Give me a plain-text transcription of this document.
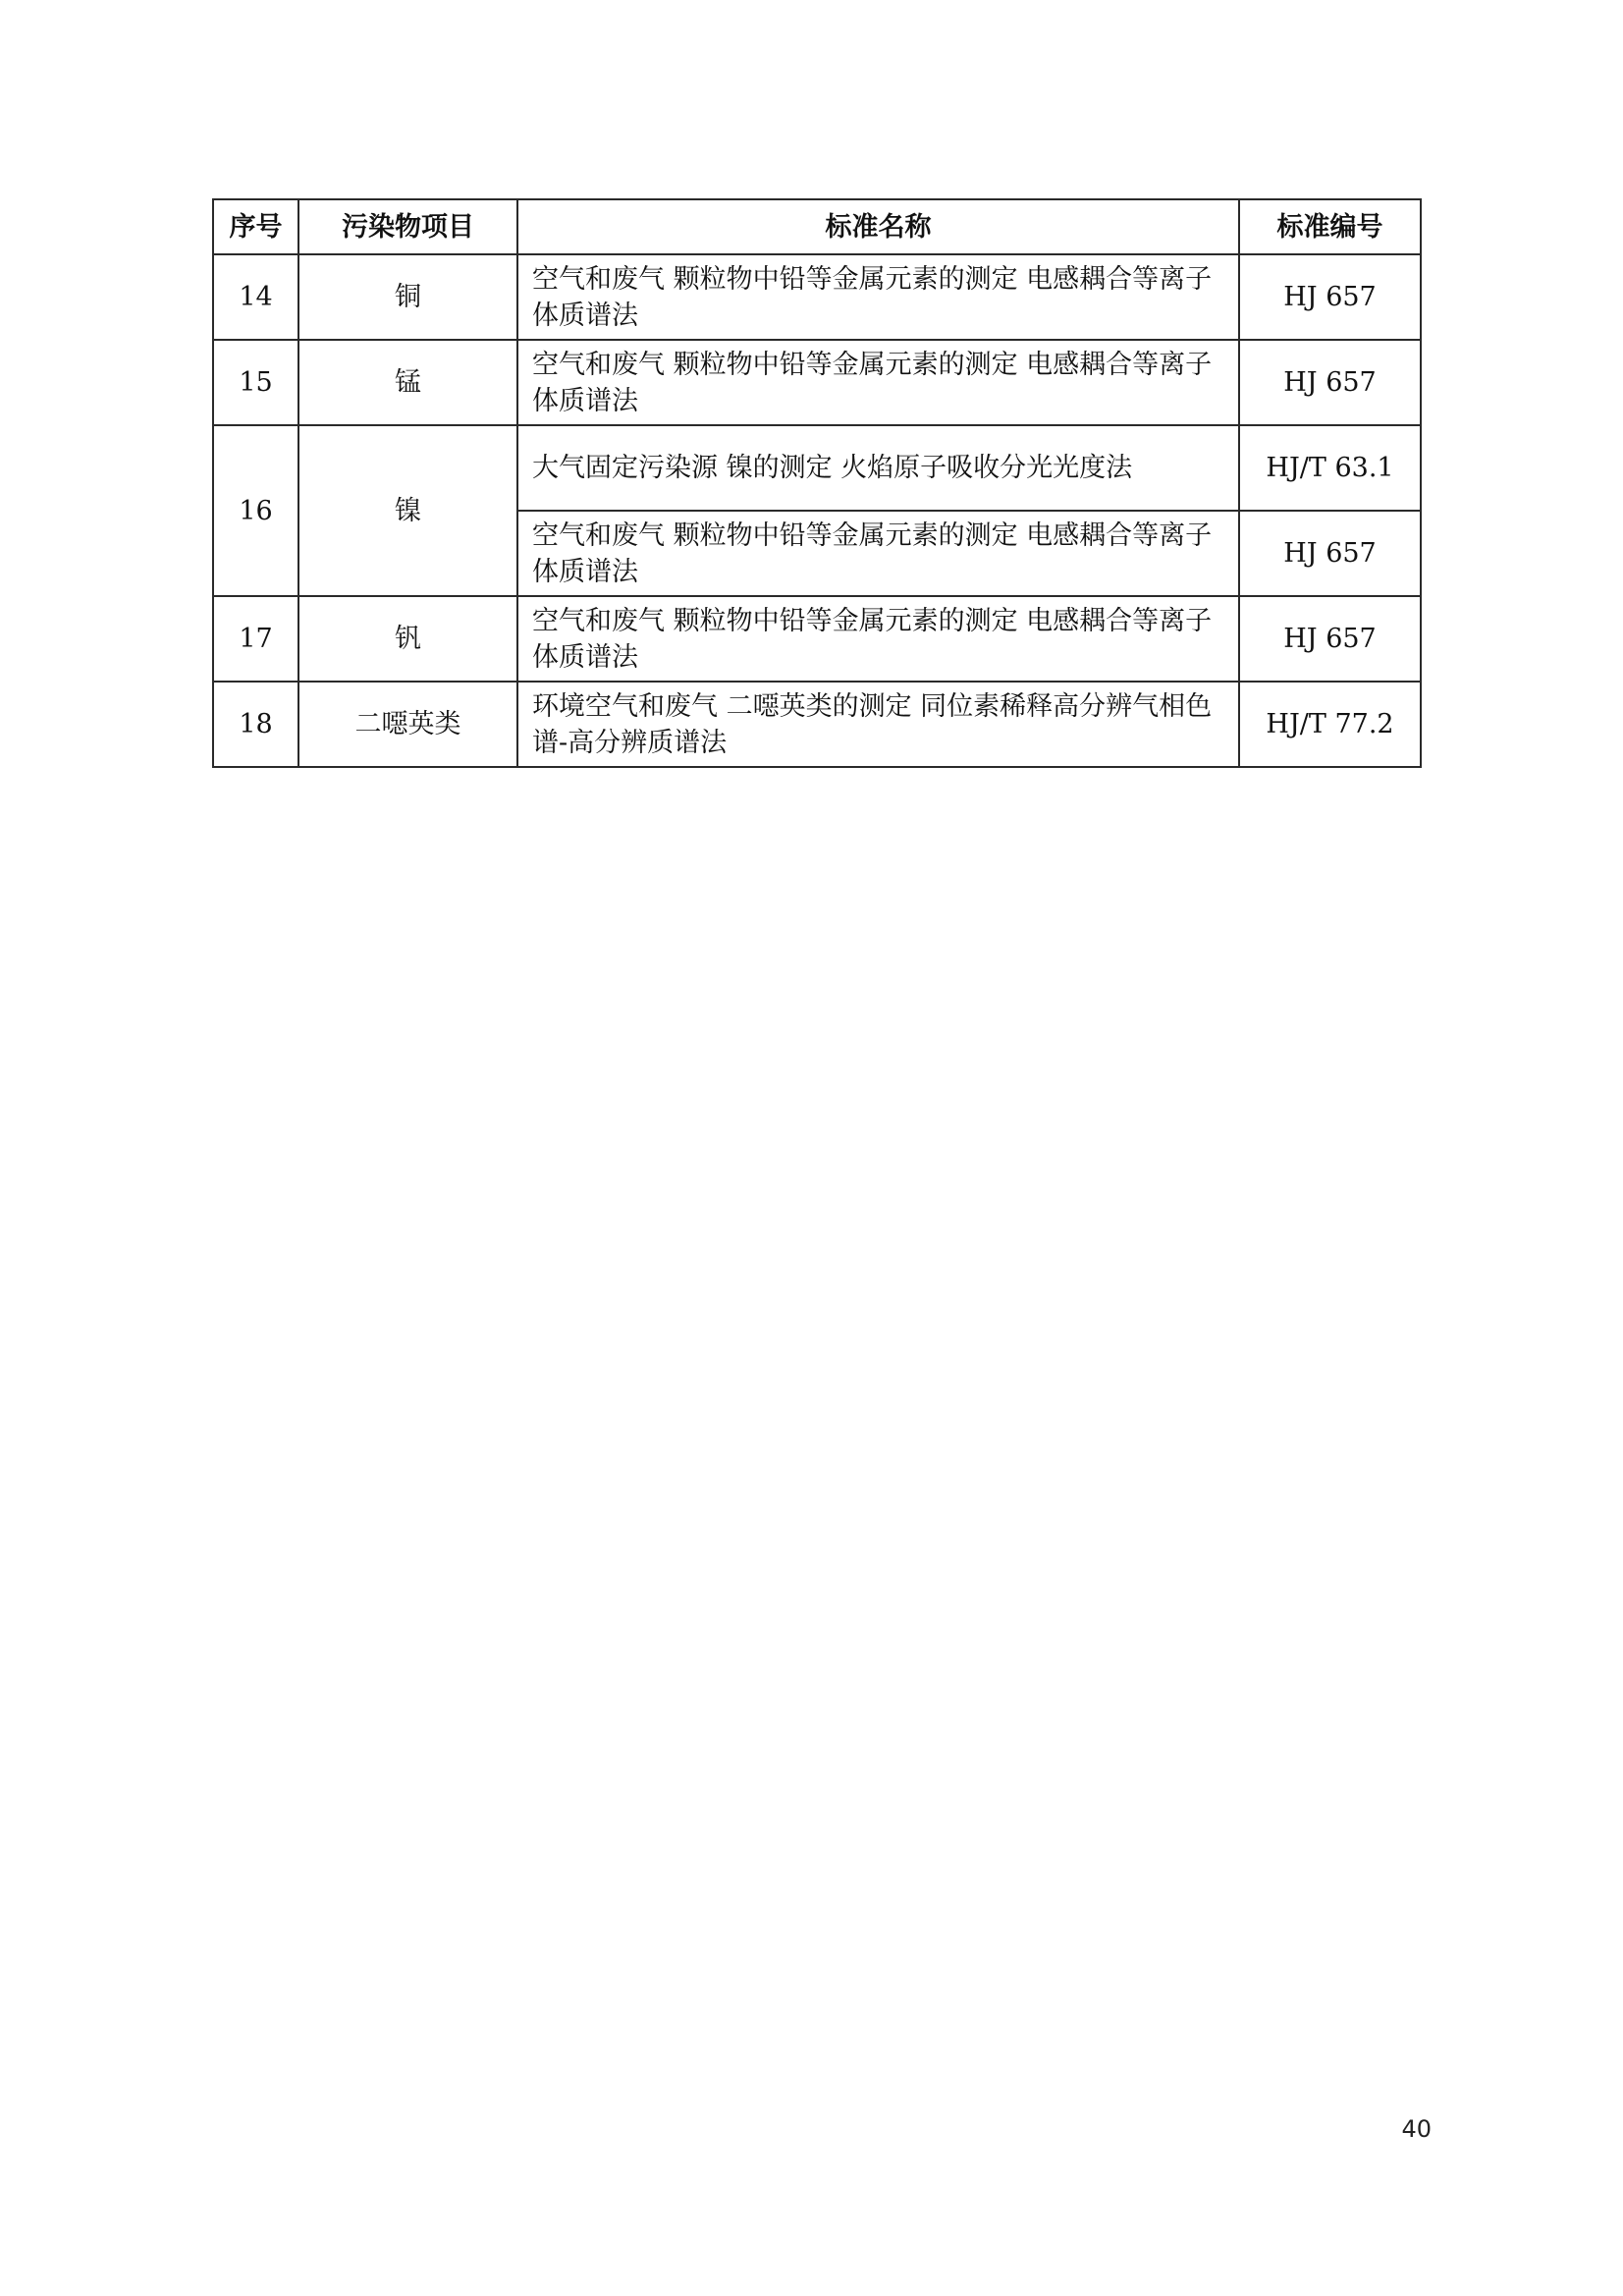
序号	污染物项目	标准名称	标准编号
14	铜	空气和废气 颗粒物中铅等金属元素的测定 电感耦合等离子体质谱法	HJ 657
15	锰	空气和废气 颗粒物中铅等金属元素的测定 电感耦合等离子体质谱法	HJ 657
16	镍	大气固定污染源 镍的测定 火焰原子吸收分光光度法	HJ/T 63.1
		空气和废气 颗粒物中铅等金属元素的测定 电感耦合等离子体质谱法	HJ 657
17	钒	空气和废气 颗粒物中铅等金属元素的测定 电感耦合等离子体质谱法	HJ 657
18	二噁英类	环境空气和废气 二噁英类的测定 同位素稀释高分辨气相色谱-高分辨质谱法	HJ/T 77.2
40
